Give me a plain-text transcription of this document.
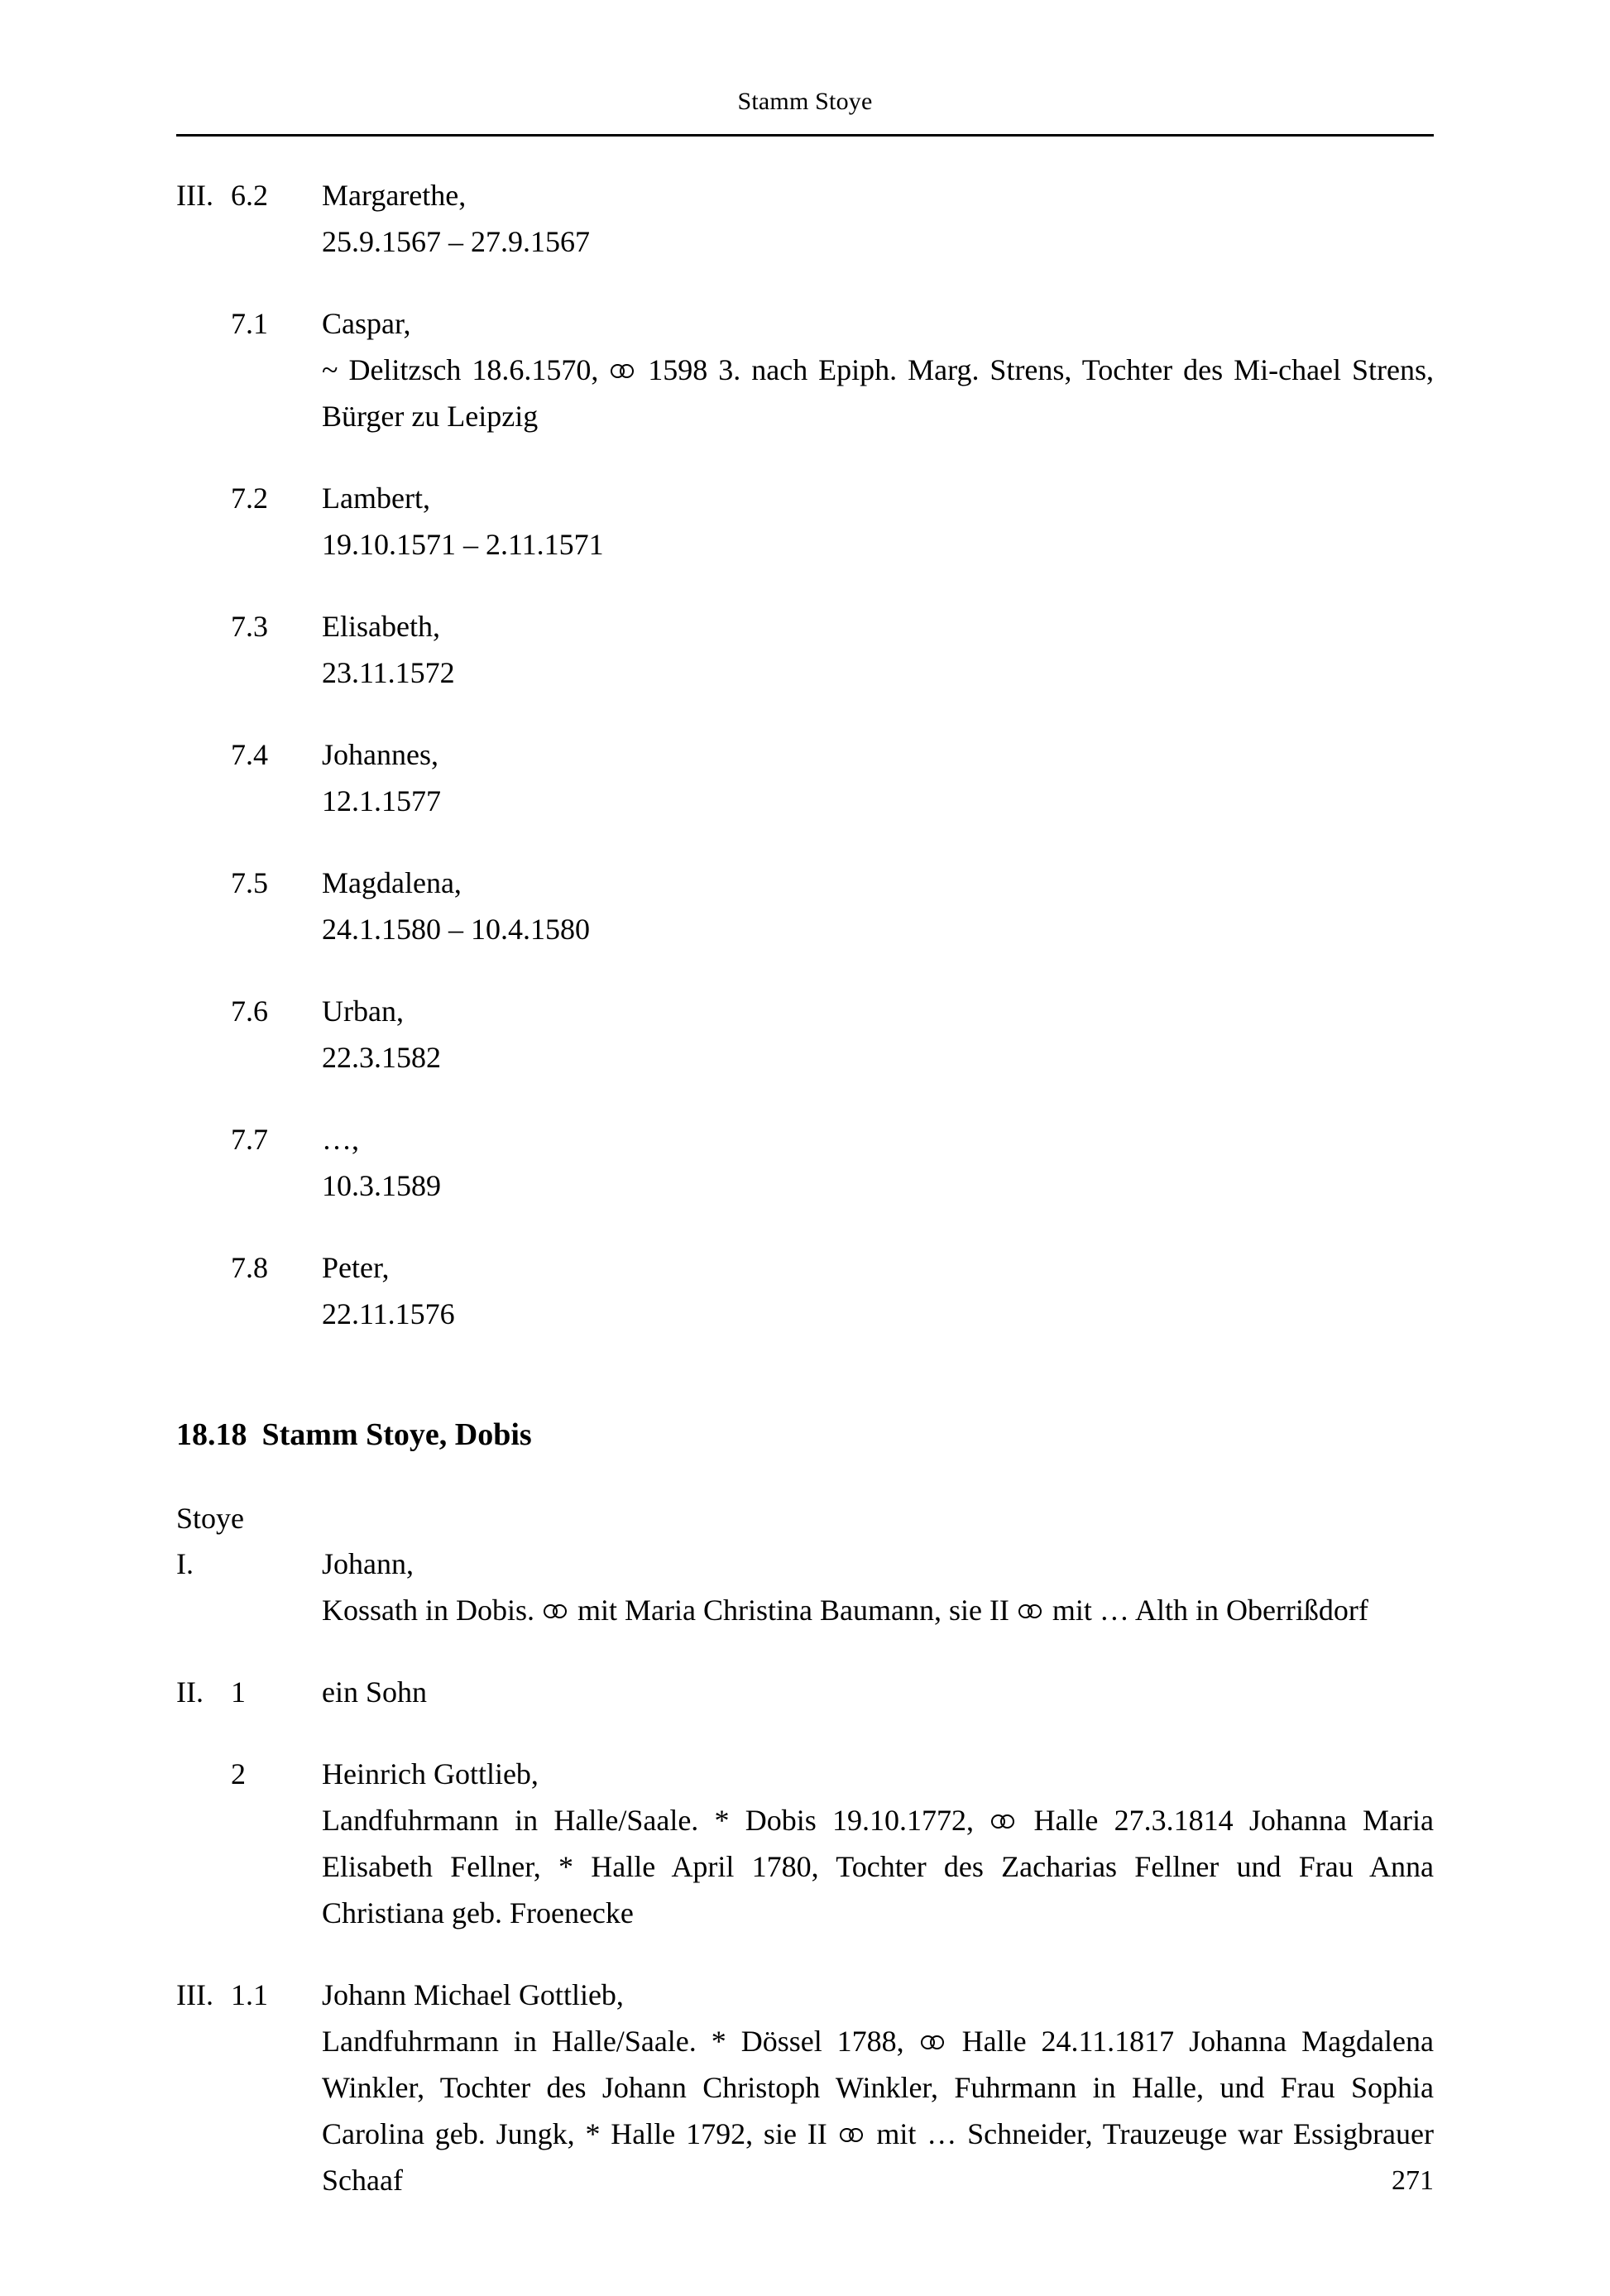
Stamm Stoye
III. 6.2	Margarethe,
25.9.1567 – 27.9.1567
7.1	Caspar,
~ Delitzsch 18.6.1570,  1598 3. nach Epiph. Marg. Strens, Tochter des Mi-chael Strens, Bürger zu Leipzig
7.2	Lambert,
19.10.1571 – 2.11.1571
7.3	Elisabeth,
23.11.1572
7.4	Johannes,
12.1.1577
7.5	Magdalena,
24.1.1580 – 10.4.1580
7.6	Urban,
22.3.1582
7.7	…,
10.3.1589
7.8	Peter,
22.11.1576
18.18 Stamm Stoye, Dobis
Stoye
I.	Johann,
Kossath in Dobis.  mit Maria Christina Baumann, sie II  mit … Alth in Oberrißdorf
II. 1	ein Sohn
2	Heinrich Gottlieb,
Landfuhrmann in Halle/Saale. * Dobis 19.10.1772,  Halle 27.3.1814 Johanna Maria Elisabeth Fellner, * Halle April 1780, Tochter des Zacharias Fellner und Frau Anna Christiana geb. Froenecke
III. 1.1	Johann Michael Gottlieb,
Landfuhrmann in Halle/Saale. * Dössel 1788,  Halle 24.11.1817 Johanna Magdalena Winkler, Tochter des Johann Christoph Winkler, Fuhrmann in Halle, und Frau Sophia Carolina geb. Jungk, * Halle 1792, sie II  mit … Schneider, Trauzeuge war Essigbrauer Schaaf	271
